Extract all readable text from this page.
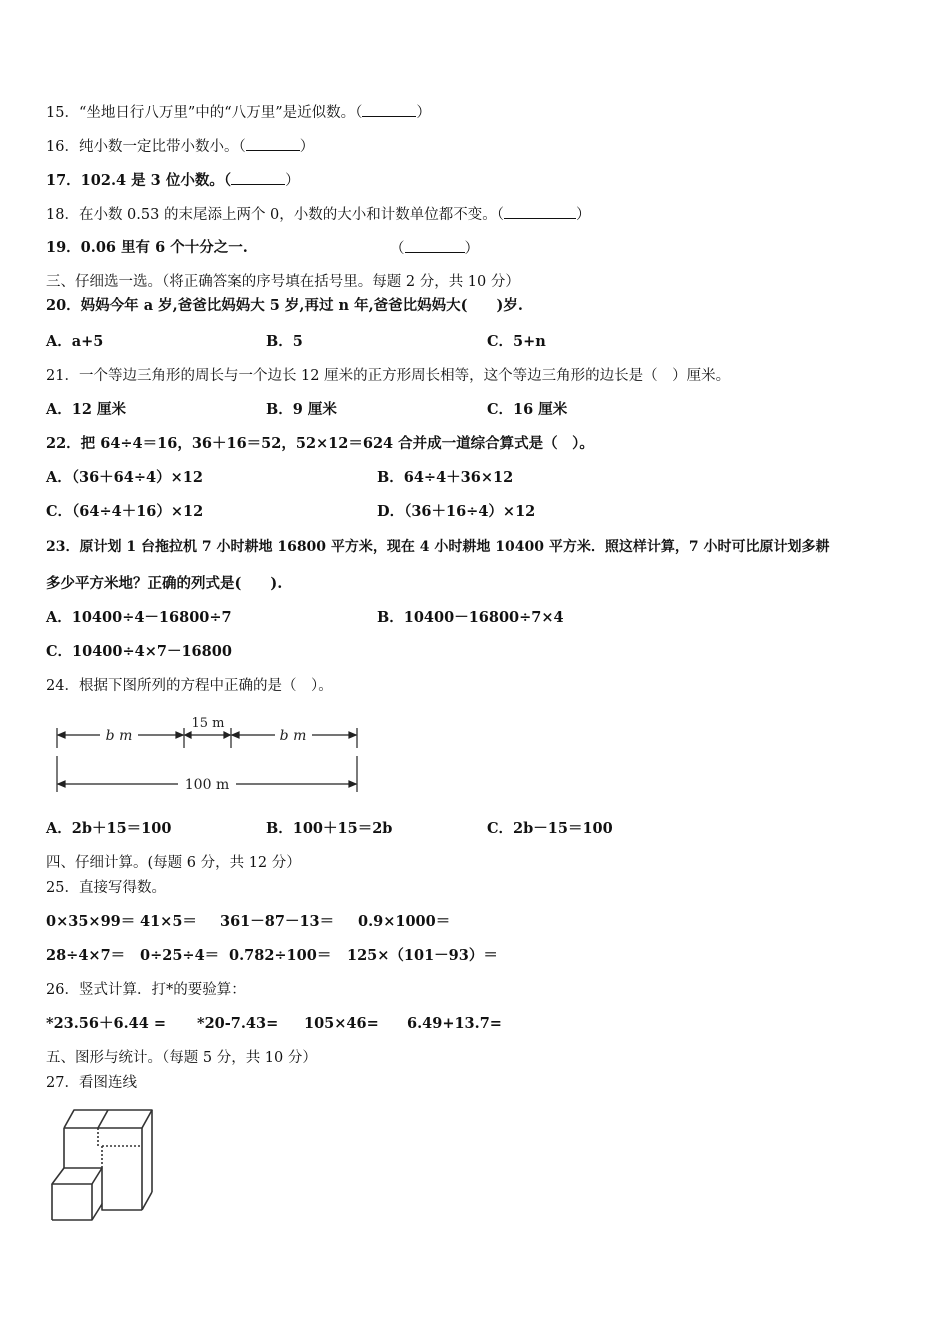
15．“坐地日行八万里”中的“八万里”是近似数。（	）
16．纯小数一定比带小数小。（	）
17．102.4 是 3 位小数。（	）
18．在小数 0.53 的末尾添上两个 0，小数的大小和计数单位都不变。（	）
19．0.06 里有 6 个十分之一.	（	）
三、仔细选一选。（将正确答案的序号填在括号里。每题 2 分，共 10 分）
20．妈妈今年 a 岁,爸爸比妈妈大 5 岁,再过 n 年,爸爸比妈妈大(　　)岁.
A．a+5	B．5	C．5+n
21．一个等边三角形的周长与一个边长 12 厘米的正方形周长相等，这个等边三角形的边长是（　）厘米。
A．12 厘米	B．9 厘米	C．16 厘米
22．把 64÷4＝16，36＋16＝52，52×12＝624 合并成一道综合算式是（　）。
A．（36＋64÷4）×12	B．64÷4＋36×12
C．（64÷4＋16）×12	D．（36＋16÷4）×12
23．原计划 1 台拖拉机 7 小时耕地 16800 平方米，现在 4 小时耕地 10400 平方米．照这样计算，7 小时可比原计划多耕
多少平方米地？正确的列式是(　　).
A．10400÷4－16800÷7	B．10400－16800÷7×4
C．10400÷4×7－16800
24．根据下图所列的方程中正确的是（　）。
b m
15 m
b m
100 m
A．2b＋15＝100	B．100＋15＝2b	C．2b－15＝100
四、仔细计算。(每题 6 分，共 12 分）
25．直接写得数。
0×35×99＝ 41×5＝ 361－87－13＝ 0.9×1000＝
28÷4×7＝ 0÷25÷4＝ 0.782÷100＝ 125×（101－93）＝
26．竖式计算．打*的要验算：
*23.56＋6.44 = *20-7.43= 105×46= 6.49+13.7=
五、图形与统计。（每题 5 分，共 10 分）
27．看图连线
